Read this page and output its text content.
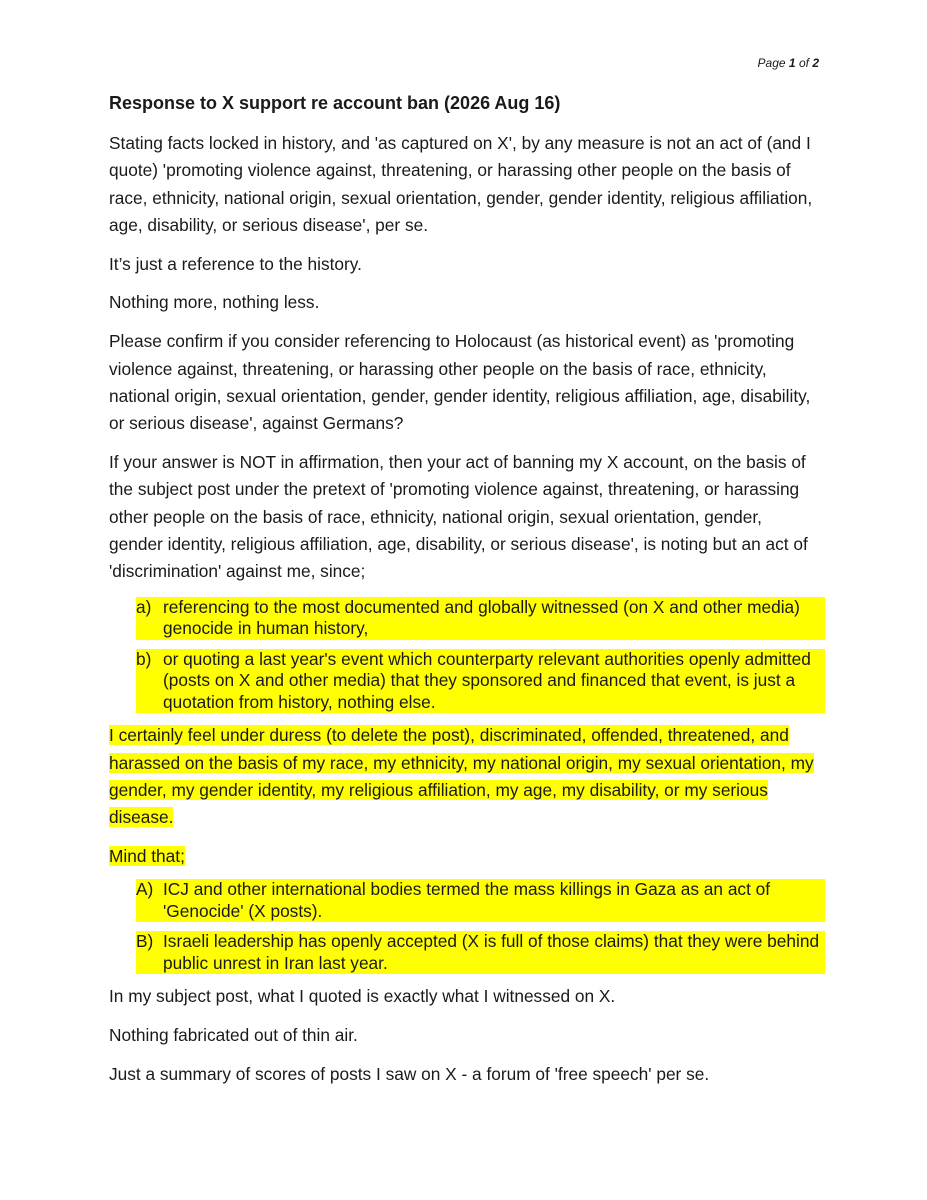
Page 1 of 2
Response to X support re account ban (2026 Aug 16)

Stating facts locked in history, and 'as captured on X', by any measure is not an act of (and I quote) 'promoting violence against, threatening, or harassing other people on the basis of race, ethnicity, national origin, sexual orientation, gender, gender identity, religious affiliation, age, disability, or serious disease', per se.

It’s just a reference to the history.

Nothing more, nothing less.

Please confirm if you consider referencing to Holocaust (as historical event) as 'promoting violence against, threatening, or harassing other people on the basis of race, ethnicity, national origin, sexual orientation, gender, gender identity, religious affiliation, age, disability, or serious disease', against Germans?

If your answer is NOT in affirmation, then your act of banning my X account, on the basis of the subject post under the pretext of 'promoting violence against, threatening, or harassing other people on the basis of race, ethnicity, national origin, sexual orientation, gender, gender identity, religious affiliation, age, disability, or serious disease', is noting but an act of 'discrimination' against me, since;

a) referencing to the most documented and globally witnessed (on X and other media) genocide in human history,
b) or quoting a last year's event which counterparty relevant authorities openly admitted (posts on X and other media) that they sponsored and financed that event, is just a quotation from history, nothing else.

I certainly feel under duress (to delete the post), discriminated, offended, threatened, and harassed on the basis of my race, my ethnicity, my national origin, my sexual orientation, my gender, my gender identity, my religious affiliation, my age, my disability, or my serious disease.

Mind that;

A) ICJ and other international bodies termed the mass killings in Gaza as an act of 'Genocide' (X posts).
B) Israeli leadership has openly accepted (X is full of those claims) that they were behind public unrest in Iran last year.

In my subject post, what I quoted is exactly what I witnessed on X.

Nothing fabricated out of thin air.

Just a summary of scores of posts I saw on X - a forum of 'free speech' per se.
